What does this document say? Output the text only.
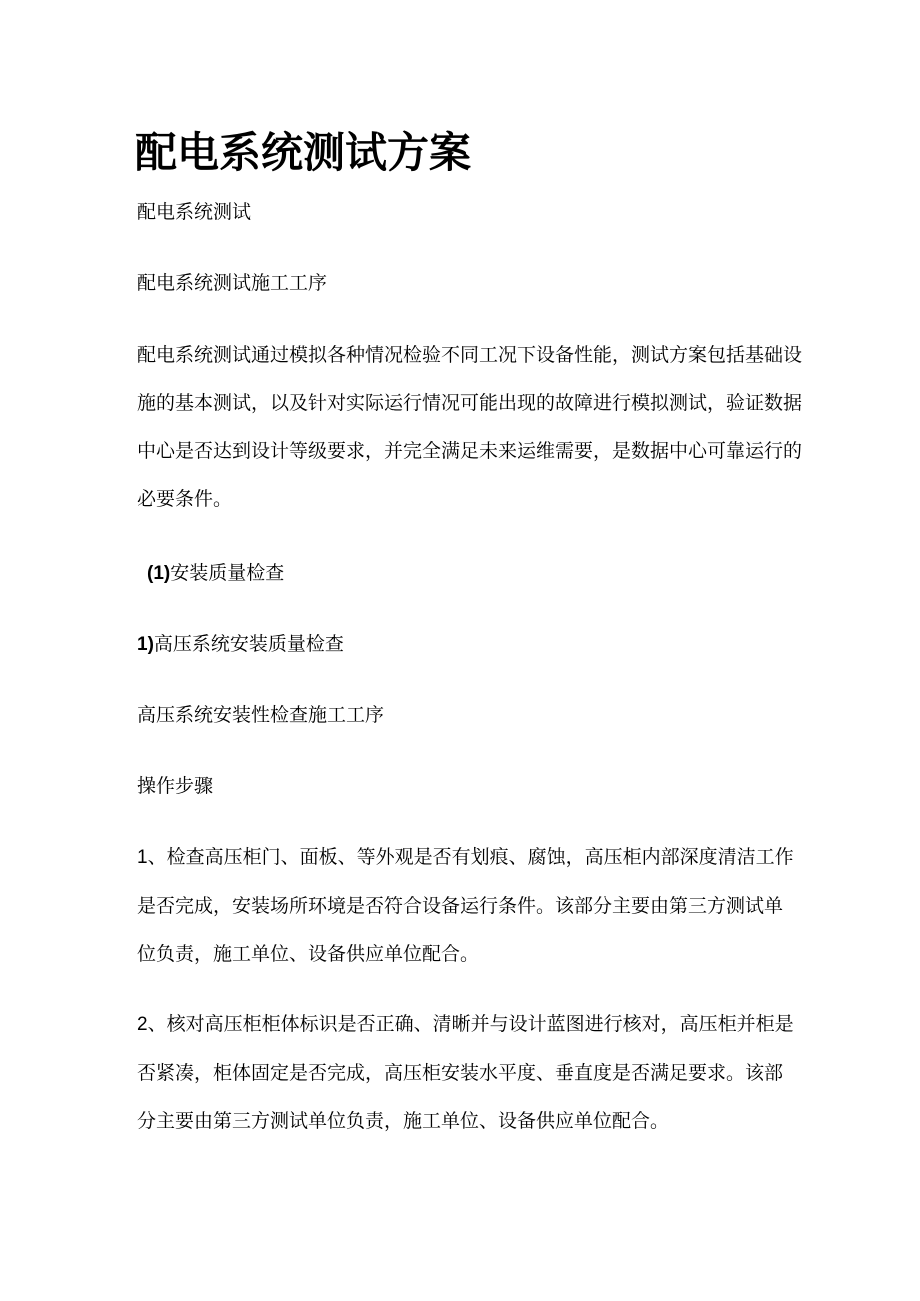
配电系统测试方案
配电系统测试
配电系统测试施工工序
配电系统测试通过模拟各种情况检验不同工况下设备性能，测试方案包括基础设
施的基本测试，以及针对实际运行情况可能出现的故障进行模拟测试，验证数据
中心是否达到设计等级要求，并完全满足未来运维需要，是数据中心可靠运行的
必要条件。
(1)安装质量检查
1)高压系统安装质量检查
高压系统安装性检查施工工序
操作步骤
1、检查高压柜门、面板、等外观是否有划痕、腐蚀，高压柜内部深度清洁工作
是否完成，安装场所环境是否符合设备运行条件。该部分主要由第三方测试单
位负责，施工单位、设备供应单位配合。
2、核对高压柜柜体标识是否正确、清晰并与设计蓝图进行核对，高压柜并柜是
否紧凑，柜体固定是否完成，高压柜安装水平度、垂直度是否满足要求。该部
分主要由第三方测试单位负责，施工单位、设备供应单位配合。
